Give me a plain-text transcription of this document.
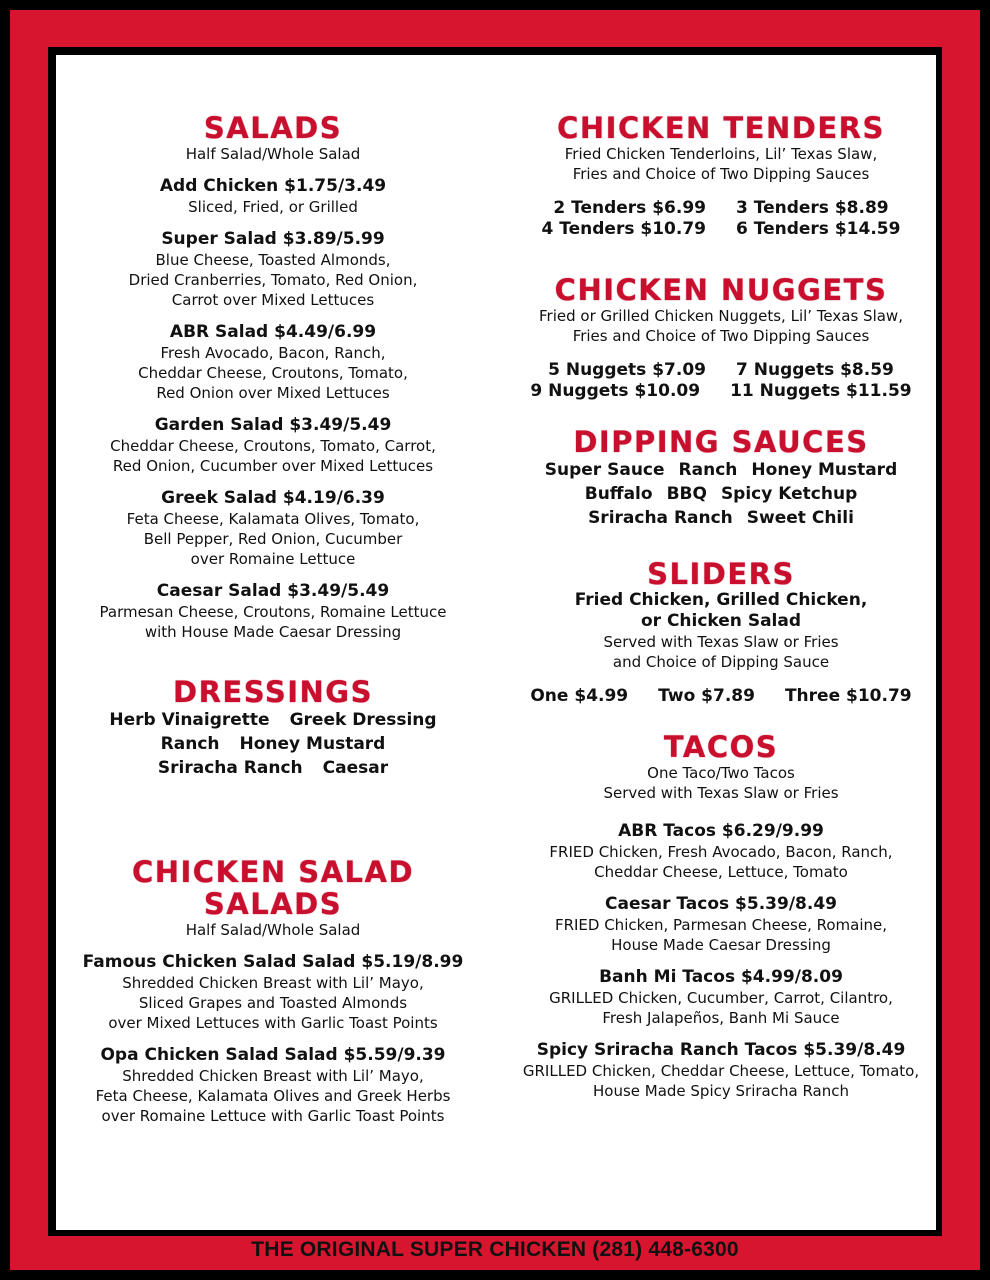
SALADS
Half Salad/Whole Salad
Add Chicken $1.75/3.49
Sliced, Fried, or Grilled
Super Salad $3.89/5.99
Blue Cheese, Toasted Almonds,
Dried Cranberries, Tomato, Red Onion,
Carrot over Mixed Lettuces
ABR Salad $4.49/6.99
Fresh Avocado, Bacon, Ranch,
Cheddar Cheese, Croutons, Tomato,
Red Onion over Mixed Lettuces
Garden Salad $3.49/5.49
Cheddar Cheese, Croutons, Tomato, Carrot,
Red Onion, Cucumber over Mixed Lettuces
Greek Salad $4.19/6.39
Feta Cheese, Kalamata Olives, Tomato,
Bell Pepper, Red Onion, Cucumber
over Romaine Lettuce
Caesar Salad $3.49/5.49
Parmesan Cheese, Croutons, Romaine Lettuce
with House Made Caesar Dressing
DRESSINGS
Herb Vinaigrette Greek Dressing
Ranch Honey Mustard
Sriracha Ranch Caesar
CHICKEN SALAD
SALADS
Half Salad/Whole Salad
Famous Chicken Salad Salad $5.19/8.99
Shredded Chicken Breast with Lil’ Mayo,
Sliced Grapes and Toasted Almonds
over Mixed Lettuces with Garlic Toast Points
Opa Chicken Salad Salad $5.59/9.39
Shredded Chicken Breast with Lil’ Mayo,
Feta Cheese, Kalamata Olives and Greek Herbs
over Romaine Lettuce with Garlic Toast Points
CHICKEN TENDERS
Fried Chicken Tenderloins, Lil’ Texas Slaw,
Fries and Choice of Two Dipping Sauces
2 Tenders $6.99 3 Tenders $8.89
4 Tenders $10.79 6 Tenders $14.59
CHICKEN NUGGETS
Fried or Grilled Chicken Nuggets, Lil’ Texas Slaw,
Fries and Choice of Two Dipping Sauces
5 Nuggets $7.09 7 Nuggets $8.59
9 Nuggets $10.09 11 Nuggets $11.59
DIPPING SAUCES
Super Sauce Ranch Honey Mustard
Buffalo BBQ Spicy Ketchup
Sriracha Ranch Sweet Chili
SLIDERS
Fried Chicken, Grilled Chicken,
or Chicken Salad
Served with Texas Slaw or Fries
and Choice of Dipping Sauce
One $4.99 Two $7.89 Three $10.79
TACOS
One Taco/Two Tacos
Served with Texas Slaw or Fries
ABR Tacos $6.29/9.99
FRIED Chicken, Fresh Avocado, Bacon, Ranch,
Cheddar Cheese, Lettuce, Tomato
Caesar Tacos $5.39/8.49
FRIED Chicken, Parmesan Cheese, Romaine,
House Made Caesar Dressing
Banh Mi Tacos $4.99/8.09
GRILLED Chicken, Cucumber, Carrot, Cilantro,
Fresh Jalapeños, Banh Mi Sauce
Spicy Sriracha Ranch Tacos $5.39/8.49
GRILLED Chicken, Cheddar Cheese, Lettuce, Tomato,
House Made Spicy Sriracha Ranch
THE ORIGINAL SUPER CHICKEN (281) 448-6300
